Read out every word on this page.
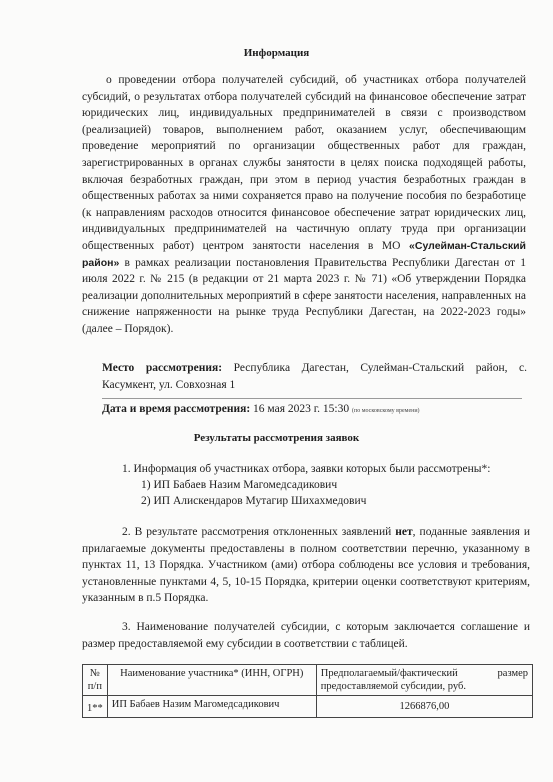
Информация
о проведении отбора получателей субсидий, об участниках отбора получателей субсидий, о результатах отбора получателей субсидий на финансовое обеспечение затрат юридических лиц, индивидуальных предпринимателей в связи с производством (реализацией) товаров, выполнением работ, оказанием услуг, обеспечивающим проведение мероприятий по организации общественных работ для граждан, зарегистрированных в органах службы занятости в целях поиска подходящей работы, включая безработных граждан, при этом в период участия безработных граждан в общественных работах за ними сохраняется право на получение пособия по безработице (к направлениям расходов относится финансовое обеспечение затрат юридических лиц, индивидуальных предпринимателей на частичную оплату труда при организации общественных работ) центром занятости населения в МО «Сулейман-Стальский район» в рамках реализации постановления Правительства Республики Дагестан от 1 июля 2022 г. № 215 (в редакции от 21 марта 2023 г. № 71) «Об утверждении Порядка реализации дополнительных мероприятий в сфере занятости населения, направленных на снижение напряженности на рынке труда Республики Дагестан, на 2022-2023 годы» (далее – Порядок).
Место рассмотрения: Республика Дагестан, Сулейман-Стальский район, с. Касумкент, ул. Совхозная 1
Дата и время рассмотрения: 16 мая 2023 г. 15:30 (по московскому времени)
Результаты рассмотрения заявок
1. Информация об участниках отбора, заявки которых были рассмотрены*:
1) ИП Бабаев Назим Магомедсадикович
2) ИП Алискендаров Мутагир Шихахмедович
2. В результате рассмотрения отклоненных заявлений нет, поданные заявления и прилагаемые документы предоставлены в полном соответствии перечню, указанному в пунктах 11, 13 Порядка. Участником (ами) отбора соблюдены все условия и требования, установленные пунктами 4, 5, 10-15 Порядка, критерии оценки соответствуют критериям, указанным в п.5 Порядка.
3. Наименование получателей субсидии, с которым заключается соглашение и размер предоставляемой ему субсидии в соответствии с таблицей.
№ п/п	Наименование участника* (ИНН, ОГРН)	Предполагаемый/фактический размер предоставляемой субсидии, руб.
1**	ИП Бабаев Назим Магомедсадикович	1266876,00
